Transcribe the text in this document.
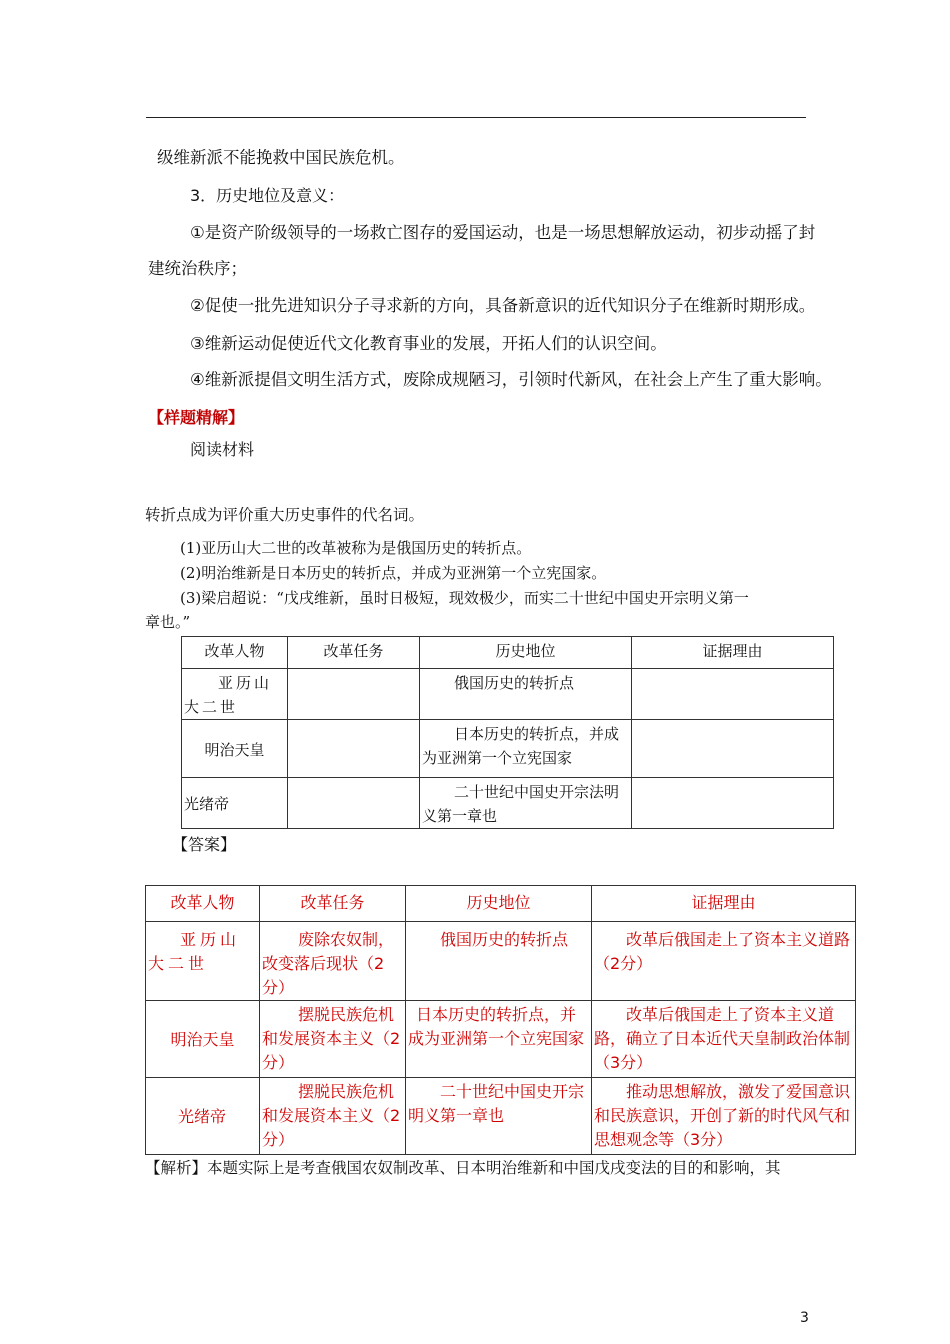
级维新派不能挽救中国民族危机。
3．历史地位及意义：
①是资产阶级领导的一场救亡图存的爱国运动，也是一场思想解放运动，初步动摇了封
建统治秩序；
②促使一批先进知识分子寻求新的方向，具备新意识的近代知识分子在维新时期形成。
③维新运动促使近代文化教育事业的发展，开拓人们的认识空间。
④维新派提倡文明生活方式，废除成规陋习，引领时代新风，在社会上产生了重大影响。
【样题精解】
阅读材料
转折点成为评价重大历史事件的代名词。
(1)亚历山大二世的改革被称为是俄国历史的转折点。
(2)明治维新是日本历史的转折点，并成为亚洲第一个立宪国家。
(3)梁启超说：“戊戌维新，虽时日极短，现效极少，而实二十世纪中国史开宗明义第一
章也。”
改革人物	改革任务	历史地位	证据理由

亚历山大二世		俄国历史的转折点	

明治天皇		日本历史的转折点，并成为亚洲第一个立宪国家	

光绪帝		二十世纪中国史开宗法明义第一章也	

【答案】
改革人物	改革任务	历史地位	证据理由

亚历山大二世	废除农奴制，改变落后现状（2分）	俄国历史的转折点	改革后俄国走上了资本主义道路（2分）

明治天皇	摆脱民族危机和发展资本主义（2分）	日本历史的转折点，并成为亚洲第一个立宪国家	改革后俄国走上了资本主义道路，确立了日本近代天皇制政治体制（3分）

光绪帝	摆脱民族危机和发展资本主义（2分）	二十世纪中国史开宗明义第一章也	推动思想解放，激发了爱国意识和民族意识，开创了新的时代风气和思想观念等（3分）
【解析】本题实际上是考查俄国农奴制改革、日本明治维新和中国戊戌变法的目的和影响，其
3
